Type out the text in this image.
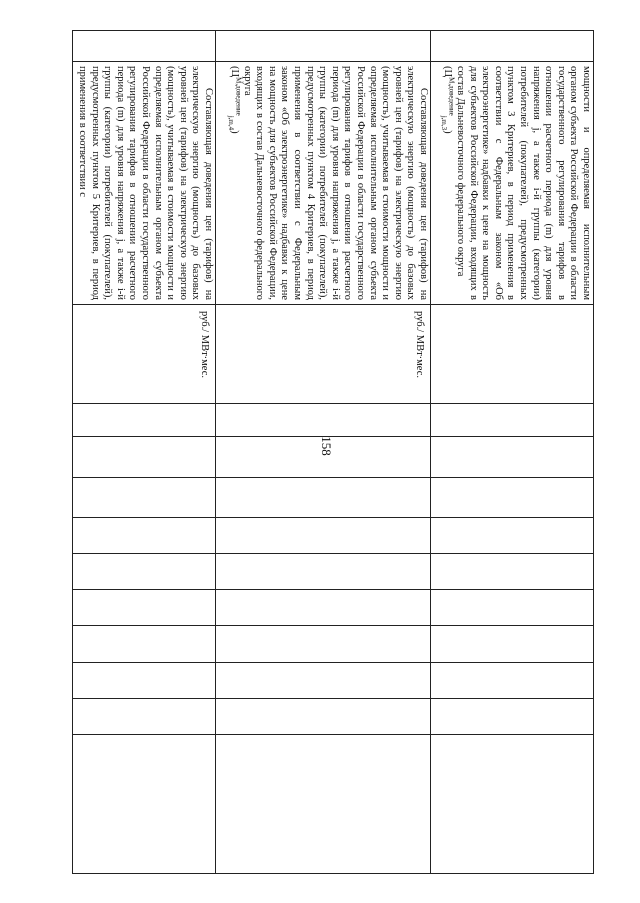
158

мощности и определяемая исполнительным органом субъекта Российской Федерации в области государственного регулирования тарифов в отношении расчетного периода (m) для уровня напряжения j, а также i-й группы (категории) потребителей (покупателей), предусмотренных пунктом 3 Критериев, в период применения в соответствии с Федеральным законом «Об электроэнергетике» надбавки к цене на мощность для субъектов Российской Федерации, входящих в состав Дальневосточного федерального округа

$(Ц^{М,доведение}_{j,m,3})$

Составляющая доведения цен (тарифов) на электрическую энергию (мощность) до базовых уровней цен (тарифов) на электрическую энергию (мощность), учитываемая в стоимости мощности и определяемая исполнительным органом субъекта Российской Федерации в области государственного регулирования тарифов в отношении расчетного периода (m) для уровня напряжения j, а также i-й группы (категории) потребителей (покупателей), предусмотренных пунктом 4 Критериев, в период применения в соответствии с Федеральным законом «Об электроэнергетике» надбавки к цене на мощность для субъектов Российской Федерации, входящих в состав Дальневосточного федерального округа

$(Ц^{М,доведение}_{j,m,4})$

руб./ МВт·мес.

Составляющая доведения цен (тарифов) на электрическую энергию (мощность) до базовых уровней цен (тарифов) на электрическую энергию (мощность), учитываемая в стоимости мощности и определяемая исполнительным органом субъекта Российской Федерации в области государственного регулирования тарифов в отношении расчетного периода (m) для уровня напряжения j, а также i-й группы (категории) потребителей (покупателей), предусмотренных пунктом 5 Критериев, в период применения в соответствии с

руб./ МВт·мес.
